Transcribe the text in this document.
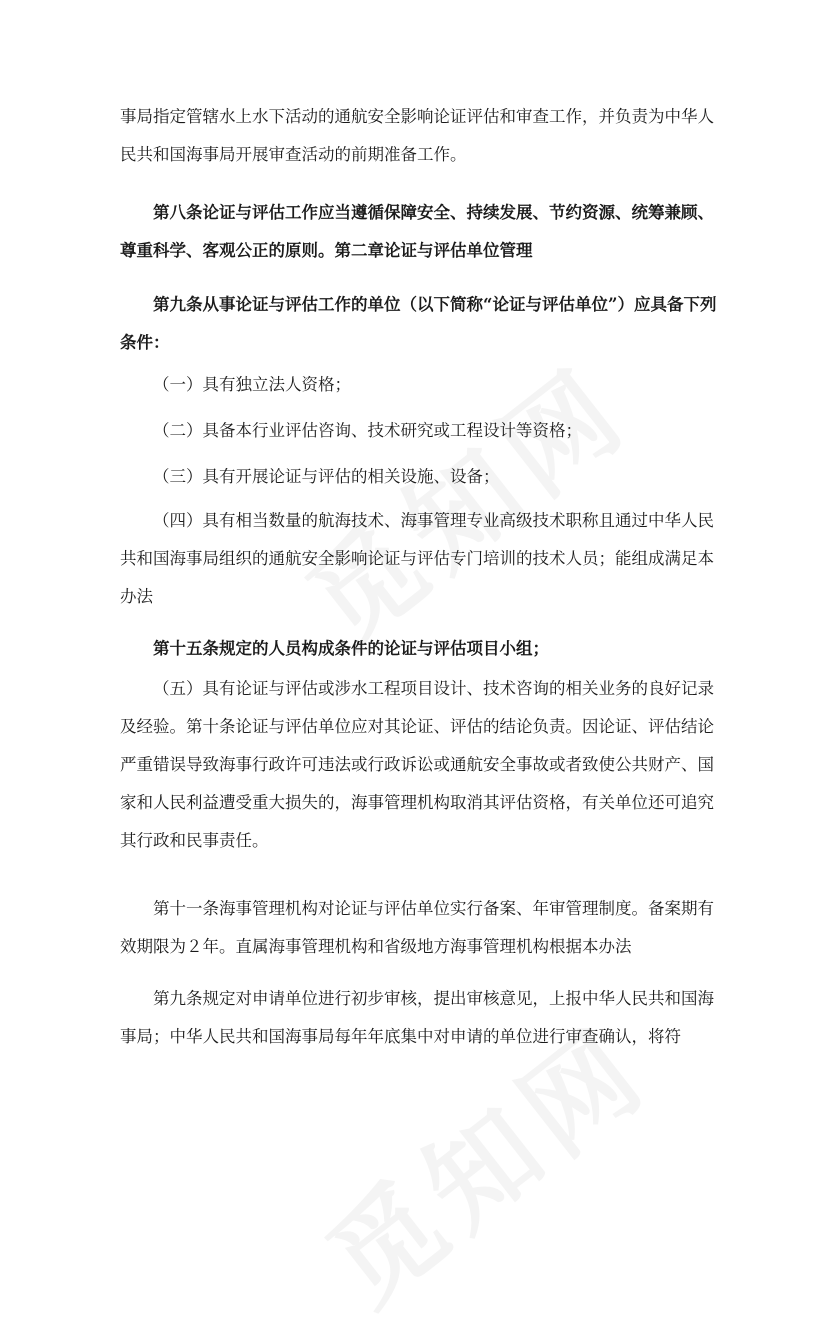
事局指定管辖水上水下活动的通航安全影响论证评估和审查工作，并负责为中华人民共和国海事局开展审查活动的前期准备工作。

第八条论证与评估工作应当遵循保障安全、持续发展、节约资源、统筹兼顾、尊重科学、客观公正的原则。第二章论证与评估单位管理

第九条从事论证与评估工作的单位（以下简称“论证与评估单位”）应具备下列条件：

（一）具有独立法人资格；

（二）具备本行业评估咨询、技术研究或工程设计等资格；

（三）具有开展论证与评估的相关设施、设备；

（四）具有相当数量的航海技术、海事管理专业高级技术职称且通过中华人民共和国海事局组织的通航安全影响论证与评估专门培训的技术人员；能组成满足本办法

第十五条规定的人员构成条件的论证与评估项目小组；

（五）具有论证与评估或涉水工程项目设计、技术咨询的相关业务的良好记录及经验。第十条论证与评估单位应对其论证、评估的结论负责。因论证、评估结论严重错误导致海事行政许可违法或行政诉讼或通航安全事故或者致使公共财产、国家和人民利益遭受重大损失的，海事管理机构取消其评估资格，有关单位还可追究其行政和民事责任。

第十一条海事管理机构对论证与评估单位实行备案、年审管理制度。备案期有效期限为２年。直属海事管理机构和省级地方海事管理机构根据本办法

第九条规定对申请单位进行初步审核，提出审核意见，上报中华人民共和国海事局；中华人民共和国海事局每年年底集中对申请的单位进行审查确认，将符
